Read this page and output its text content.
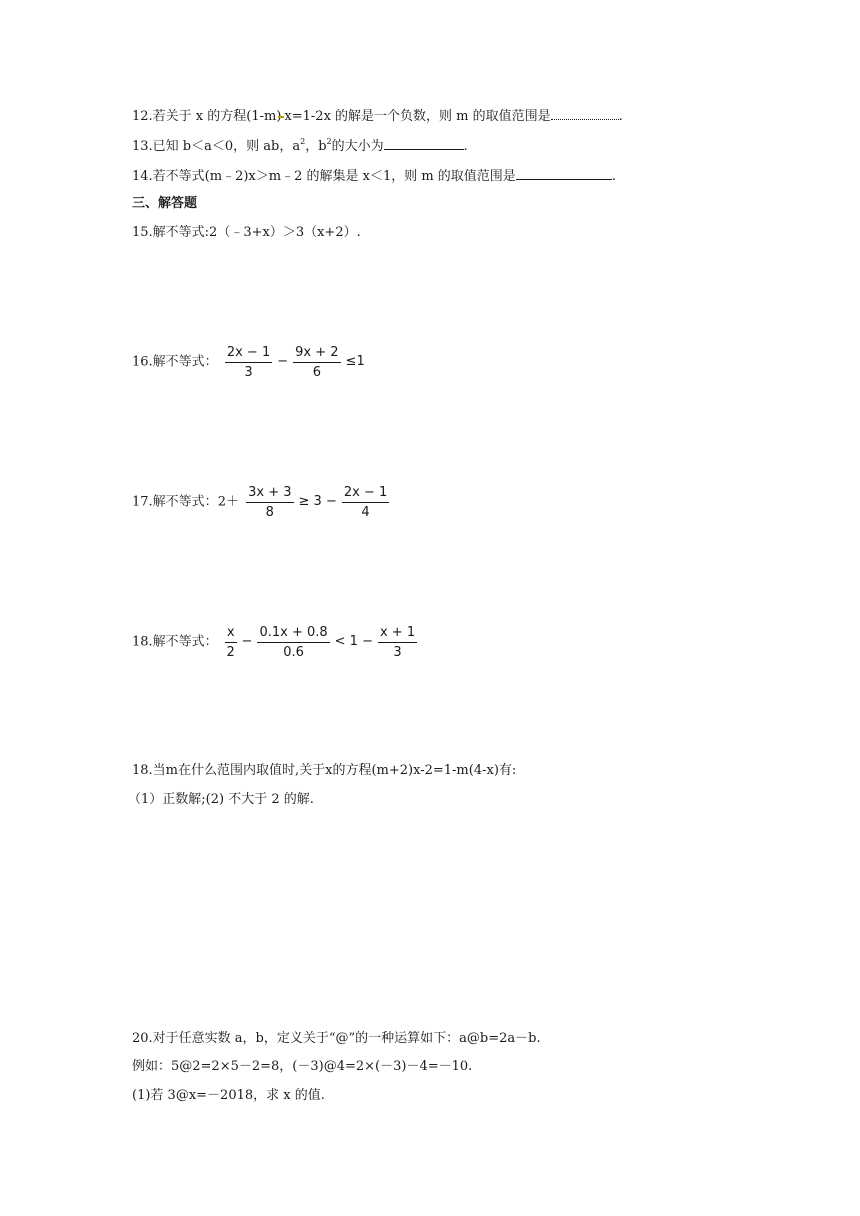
12.若关于 x 的方程(1-m) x=1-2x 的解是一个负数，则 m 的取值范围是	.
13.已知 b＜a＜0，则 ab，$a^2$，$b^2$的大小为	.
14.若不等式(m﹣2)x＞m﹣2 的解集是 x＜1，则 m 的取值范围是	.
三、解答题
15.解不等式:2（﹣3+x）＞3（x+2）.
16.解不等式： $\frac{2x - 1}{3} - \frac{9x + 2}{6} \le 1$
17.解不等式：$2+ \frac{3x + 3}{8} \ge 3 - \frac{2x - 1}{4}$
18.解不等式： $\frac{x}{2} - \frac{0.1x + 0.8}{0.6} < 1 - \frac{x + 1}{3}$
18.当m在什么范围内取值时,关于x的方程(m+2)x-2=1-m(4-x)有:
（1）正数解;(2) 不大于 2 的解.
20.对于任意实数 a，b，定义关于“@”的一种运算如下：a@b=2a－b.
例如：5@2=2×5－2=8，(－3)@4=2×(－3)－4=－10.
(1)若 3@x=－2018，求 x 的值.
